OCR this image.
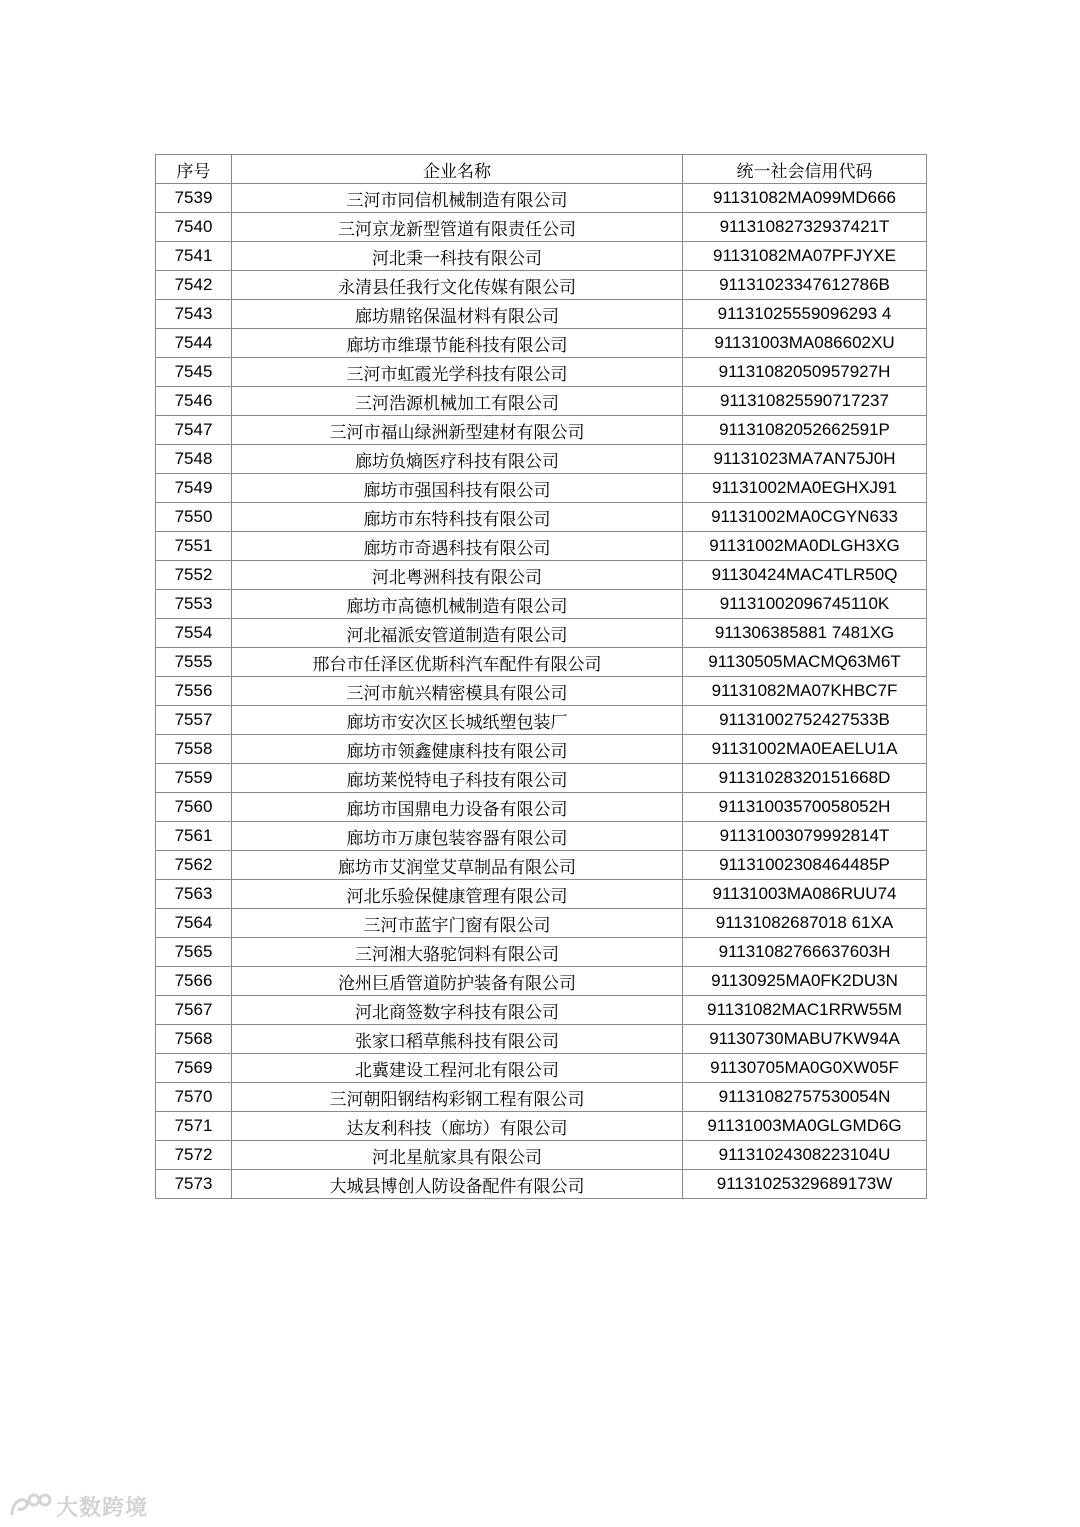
序号	企业名称	统一社会信用代码
7539	三河市同信机械制造有限公司	91131082MA099MD666
7540	三河京龙新型管道有限责任公司	91131082732937421T
7541	河北秉一科技有限公司	91131082MA07PFJYXE
7542	永清县任我行文化传媒有限公司	91131023347612786B
7543	廊坊鼎铭保温材料有限公司	91131025559096293 4
7544	廊坊市维璟节能科技有限公司	91131003MA086602XU
7545	三河市虹霞光学科技有限公司	91131082050957927H
7546	三河浩源机械加工有限公司	911310825590717237
7547	三河市福山绿洲新型建材有限公司	91131082052662591P
7548	廊坊负熵医疗科技有限公司	91131023MA7AN75J0H
7549	廊坊市强国科技有限公司	91131002MA0EGHXJ91
7550	廊坊市东特科技有限公司	91131002MA0CGYN633
7551	廊坊市奇遇科技有限公司	91131002MA0DLGH3XG
7552	河北粤洲科技有限公司	91130424MAC4TLR50Q
7553	廊坊市高德机械制造有限公司	91131002096745110K
7554	河北福派安管道制造有限公司	911306385881 7481XG
7555	邢台市任泽区优斯科汽车配件有限公司	91130505MACMQ63M6T
7556	三河市航兴精密模具有限公司	91131082MA07KHBC7F
7557	廊坊市安次区长城纸塑包装厂	91131002752427533B
7558	廊坊市领鑫健康科技有限公司	91131002MA0EAELU1A
7559	廊坊莱悦特电子科技有限公司	91131028320151668D
7560	廊坊市国鼎电力设备有限公司	91131003570058052H
7561	廊坊市万康包装容器有限公司	91131003079992814T
7562	廊坊市艾润堂艾草制品有限公司	91131002308464485P
7563	河北乐验保健康管理有限公司	91131003MA086RUU74
7564	三河市蓝宇门窗有限公司	91131082687018 61XA
7565	三河湘大骆驼饲料有限公司	91131082766637603H
7566	沧州巨盾管道防护装备有限公司	91130925MA0FK2DU3N
7567	河北商签数字科技有限公司	91131082MAC1RRW55M
7568	张家口稻草熊科技有限公司	91130730MABU7KW94A
7569	北冀建设工程河北有限公司	91130705MA0G0XW05F
7570	三河朝阳钢结构彩钢工程有限公司	91131082757530054N
7571	达友利科技（廊坊）有限公司	91131003MA0GLGMD6G
7572	河北星航家具有限公司	91131024308223104U
7573	大城县博创人防设备配件有限公司	91131025329689173W
大数跨境
